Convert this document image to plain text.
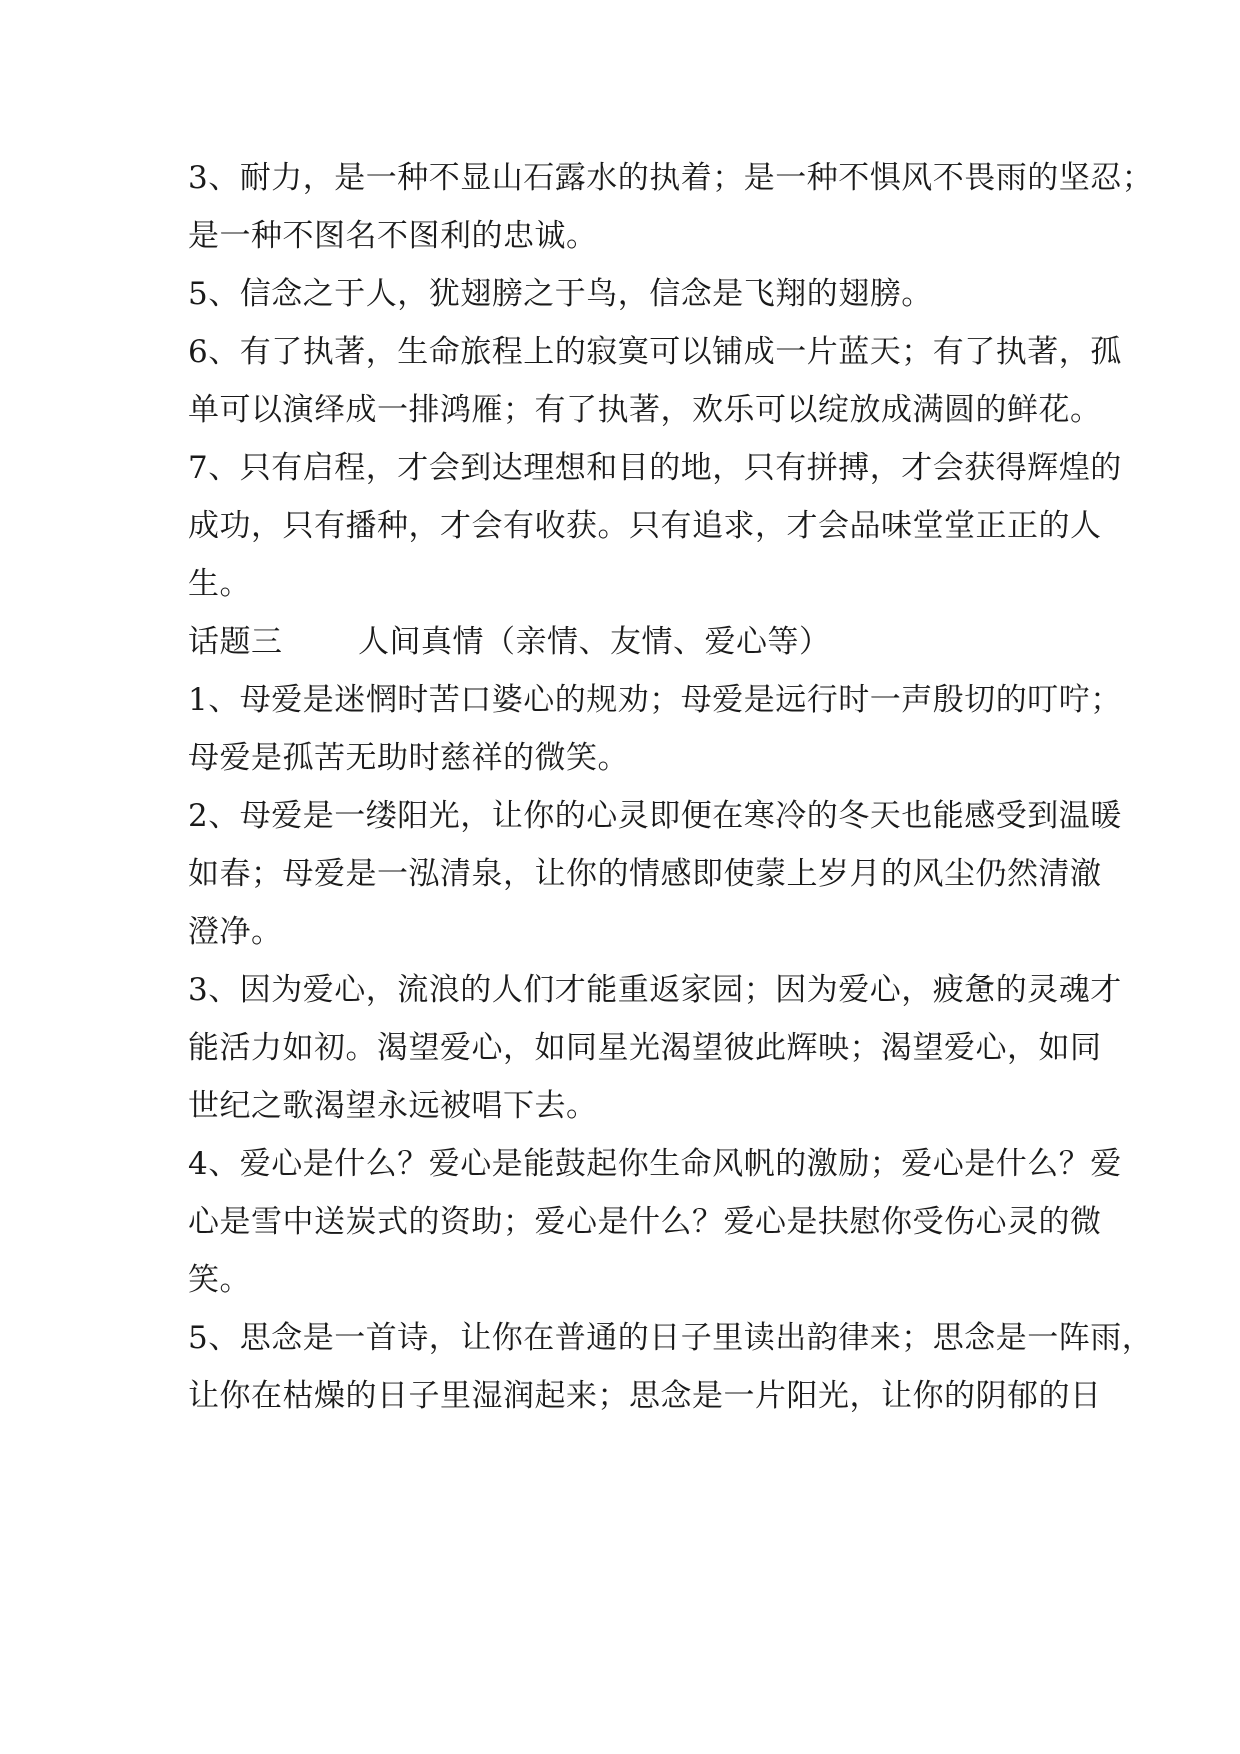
3、耐力，是一种不显山石露水的执着；是一种不惧风不畏雨的坚忍；
是一种不图名不图利的忠诚。
5、信念之于人，犹翅膀之于鸟，信念是飞翔的翅膀。
6、有了执著，生命旅程上的寂寞可以铺成一片蓝天；有了执著，孤
单可以演绎成一排鸿雁；有了执著，欢乐可以绽放成满圆的鲜花。
7、只有启程，才会到达理想和目的地，只有拼搏，才会获得辉煌的
成功，只有播种，才会有收获。只有追求，才会品味堂堂正正的人
生。
话题三 人间真情（亲情、友情、爱心等）
1、母爱是迷惘时苦口婆心的规劝；母爱是远行时一声殷切的叮咛；
母爱是孤苦无助时慈祥的微笑。
2、母爱是一缕阳光，让你的心灵即便在寒冷的冬天也能感受到温暖
如春；母爱是一泓清泉，让你的情感即使蒙上岁月的风尘仍然清澈
澄净。
3、因为爱心，流浪的人们才能重返家园；因为爱心，疲惫的灵魂才
能活力如初。渴望爱心，如同星光渴望彼此辉映；渴望爱心，如同
世纪之歌渴望永远被唱下去。
4、爱心是什么？爱心是能鼓起你生命风帆的激励；爱心是什么？爱
心是雪中送炭式的资助；爱心是什么？爱心是扶慰你受伤心灵的微
笑。
5、思念是一首诗，让你在普通的日子里读出韵律来；思念是一阵雨，
让你在枯燥的日子里湿润起来；思念是一片阳光，让你的阴郁的日
